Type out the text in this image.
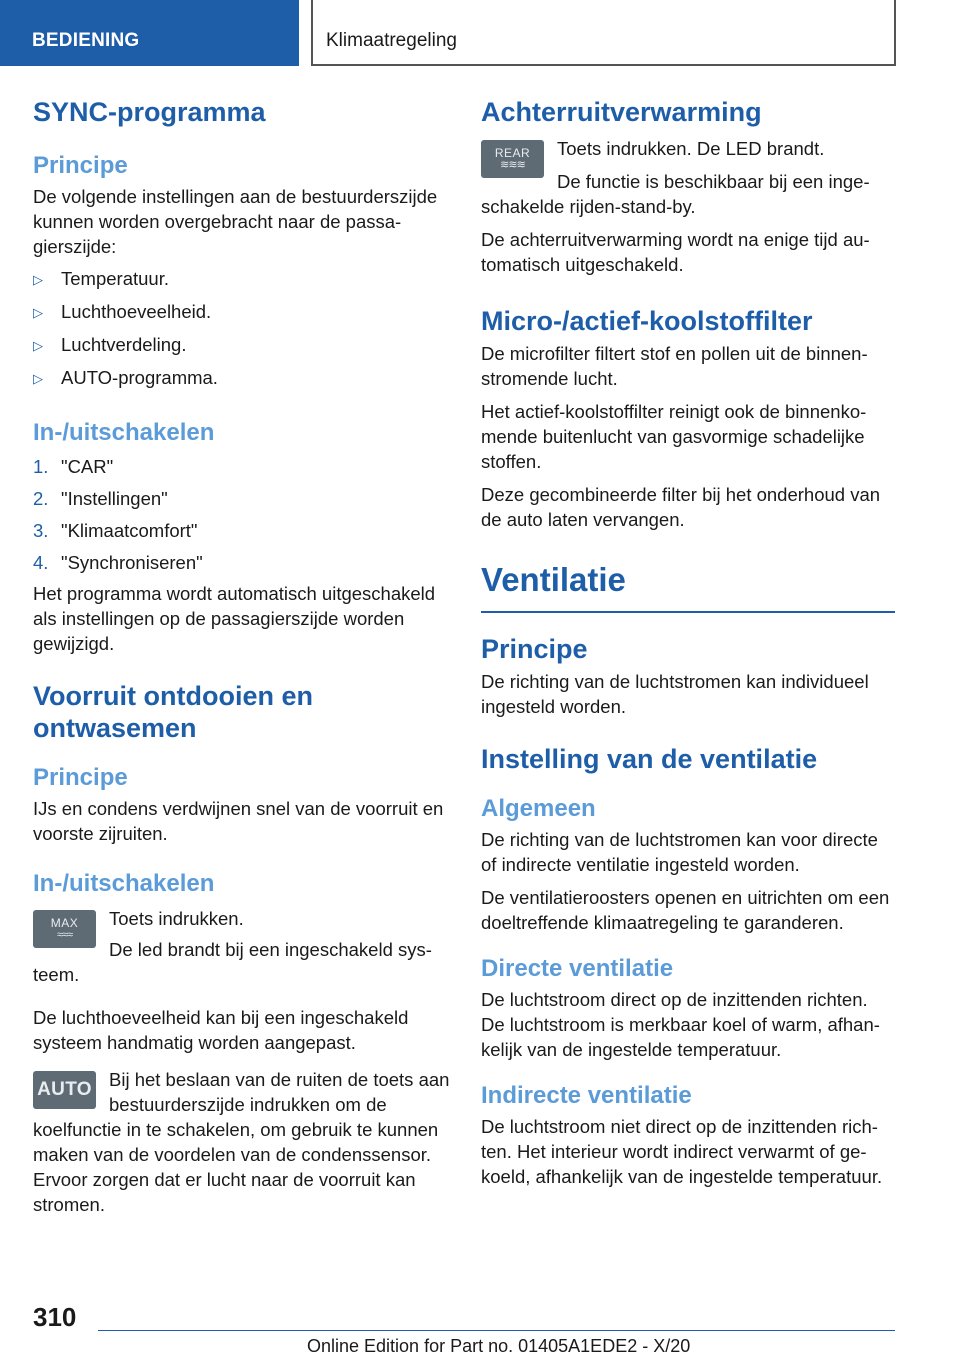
BEDIENING	Klimaatregeling
SYNC-programma
Principe
De volgende instellingen aan de bestuurderszijde kunnen worden overgebracht naar de passagierszijde:
▷ Temperatuur.
▷ Luchthoeveelheid.
▷ Luchtverdeling.
▷ AUTO-programma.
In-/uitschakelen
1. "CAR"
2. "Instellingen"
3. "Klimaatcomfort"
4. "Synchroniseren"
Het programma wordt automatisch uitgeschakeld als instellingen op de passagierszijde worden gewijzigd.
Voorruit ontdooien en ontwasemen
Principe
IJs en condens verdwijnen snel van de voorruit en voorste zijruiten.
In-/uitschakelen
MAX
≈≈≈
Toets indrukken.
De led brandt bij een ingeschakeld systeem.
De luchthoeveelheid kan bij een ingeschakeld systeem handmatig worden aangepast.
AUTO Bij het beslaan van de ruiten de toets aan bestuurderszijde indrukken om de koelfunctie in te schakelen, om gebruik te kunnen maken van de voordelen van de condenssensor. Ervoor zorgen dat er lucht naar de voorruit kan stromen.
Achterruitverwarming
REAR
≋≋≋
Toets indrukken. De LED brandt.
De functie is beschikbaar bij een ingeschakelde rijden-stand-by.
De achterruitverwarming wordt na enige tijd automatisch uitgeschakeld.
Micro-/actief-koolstoffilter
De microfilter filtert stof en pollen uit de binnenstromende lucht.
Het actief-koolstoffilter reinigt ook de binnenkomende buitenlucht van gasvormige schadelijke stoffen.
Deze gecombineerde filter bij het onderhoud van de auto laten vervangen.
Ventilatie
Principe
De richting van de luchtstromen kan individueel ingesteld worden.
Instelling van de ventilatie
Algemeen
De richting van de luchtstromen kan voor directe of indirecte ventilatie ingesteld worden.
De ventilatieroosters openen en uitrichten om een doeltreffende klimaatregeling te garanderen.
Directe ventilatie
De luchtstroom direct op de inzittenden richten. De luchtstroom is merkbaar koel of warm, afhankelijk van de ingestelde temperatuur.
Indirecte ventilatie
De luchtstroom niet direct op de inzittenden richten. Het interieur wordt indirect verwarmt of gekoeld, afhankelijk van de ingestelde temperatuur.
310
Online Edition for Part no. 01405A1EDE2 - X/20
